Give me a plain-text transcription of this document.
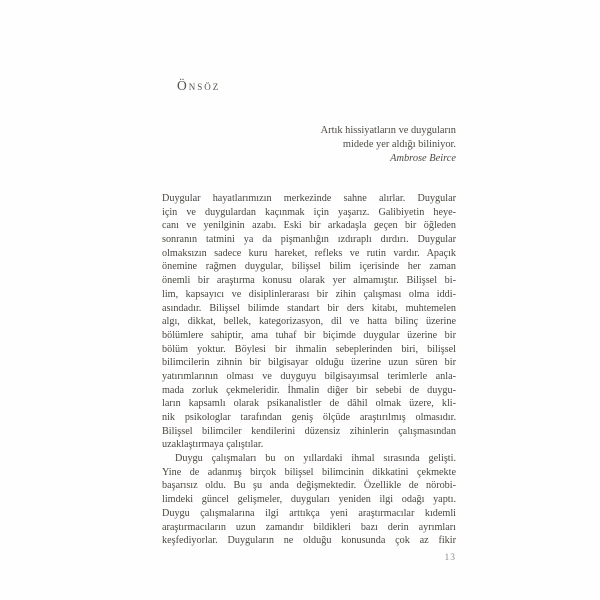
Önsöz
Artık hissiyatların ve duyguların
midede yer aldığı biliniyor.
Ambrose Beirce
Duygular hayatlarımızın merkezinde sahne alırlar. Duygular
için ve duygulardan kaçınmak için yaşarız. Galibiyetin heye-
canı ve yenilginin azabı. Eski bir arkadaşla geçen bir öğleden
sonranın tatmini ya da pişmanlığın ızdıraplı dırdırı. Duygular
olmaksızın sadece kuru hareket, refleks ve rutin vardır. Apaçık
önemine rağmen duygular, bilişsel bilim içerisinde her zaman
önemli bir araştırma konusu olarak yer almamıştır. Bilişsel bi-
lim, kapsayıcı ve disiplinlerarası bir zihin çalışması olma iddi-
asındadır. Bilişsel bilimde standart bir ders kitabı, muhtemelen
algı, dikkat, bellek, kategorizasyon, dil ve hatta bilinç üzerine
bölümlere sahiptir, ama tuhaf bir biçimde duygular üzerine bir
bölüm yoktur. Böylesi bir ihmalin sebeplerinden biri, bilişsel
bilimcilerin zihnin bir bilgisayar olduğu üzerine uzun süren bir
yatırımlarının olması ve duyguyu bilgisayımsal terimlerle anla-
mada zorluk çekmeleridir. İhmalin diğer bir sebebi de duygu-
ların kapsamlı olarak psikanalistler de dâhil olmak üzere, kli-
nik psikologlar tarafından geniş ölçüde araştırılmış olmasıdır.
Bilişsel bilimciler kendilerini düzensiz zihinlerin çalışmasından
uzaklaştırmaya çalıştılar.
Duygu çalışmaları bu on yıllardaki ihmal sırasında gelişti.
Yine de adanmış birçok bilişsel bilimcinin dikkatini çekmekte
başarısız oldu. Bu şu anda değişmektedir. Özellikle de nörobi-
limdeki güncel gelişmeler, duyguları yeniden ilgi odağı yaptı.
Duygu çalışmalarına ilgi arttıkça yeni araştırmacılar kıdemli
araştırmacıların uzun zamandır bildikleri bazı derin ayrımları
keşfediyorlar. Duyguların ne olduğu konusunda çok az fikir
13
